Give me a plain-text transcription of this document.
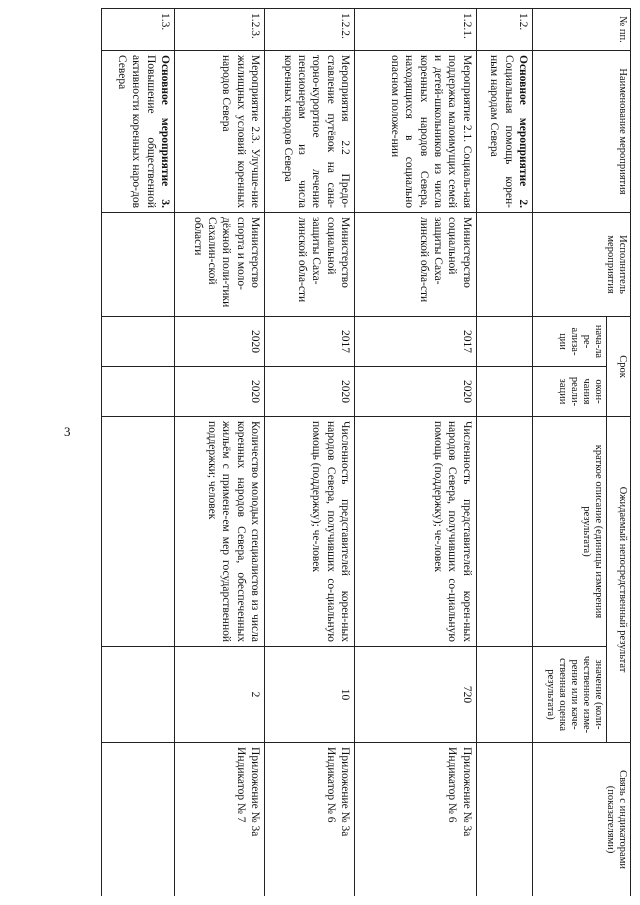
3
№ пп.	Наименование мероприятия	Исполнитель мероприятия	Срок		Ожидаемый непосредственный результат		Связь с индикаторами (показателями)
			нача-ла ре-ализа-ции	окон-чания реали-зации	краткое описание (единицы измерения результата)	значение (коли-чественное изме-рение или каче-ственная оценка результата)	
1.2.	Основное мероприятие 2. Социальная помощь корен-ным народам Севера						
1.2.1.	Мероприятие 2.1. Социаль-ная поддержка малоимущих семей и детей-школьников из числа коренных народов Севера, находящихся в социально опасном положе-нии	Министерство социальной защиты Саха-линской обла-сти	2017	2020	Численность представителей корен-ных народов Севера, получивших со-циальную помощь (поддержку); че-ловек	720	Приложение № 3а Индикатор № 6
1.2.2.	Мероприятия 2.2 Предо-ставление путёвок на сана-торно-курортное лечение пенсионерам из числа коренных народов Севера	Министерство социальной защиты Саха-линской обла-сти	2017	2020	Численность представителей корен-ных народов Севера, получивших со-циальную помощь (поддержку); че-ловек	10	Приложение № 3а Индикатор № 6
1.2.3.	Мероприятие 2.3. Улучше-ние жилищных условий коренных народов Севера	Министерство спорта и моло-дёжной поли-тики Сахалин-ской области	2020	2020	Количество молодых специалистов из числа коренных народов Севера, обеспеченных жильём с примене-ем мер государственной поддержки; человек	2	Приложение № 3а Индикатор № 7
1.3.	Основное мероприятие 3. Повышение общественной активности коренных наро-дов Севера						
